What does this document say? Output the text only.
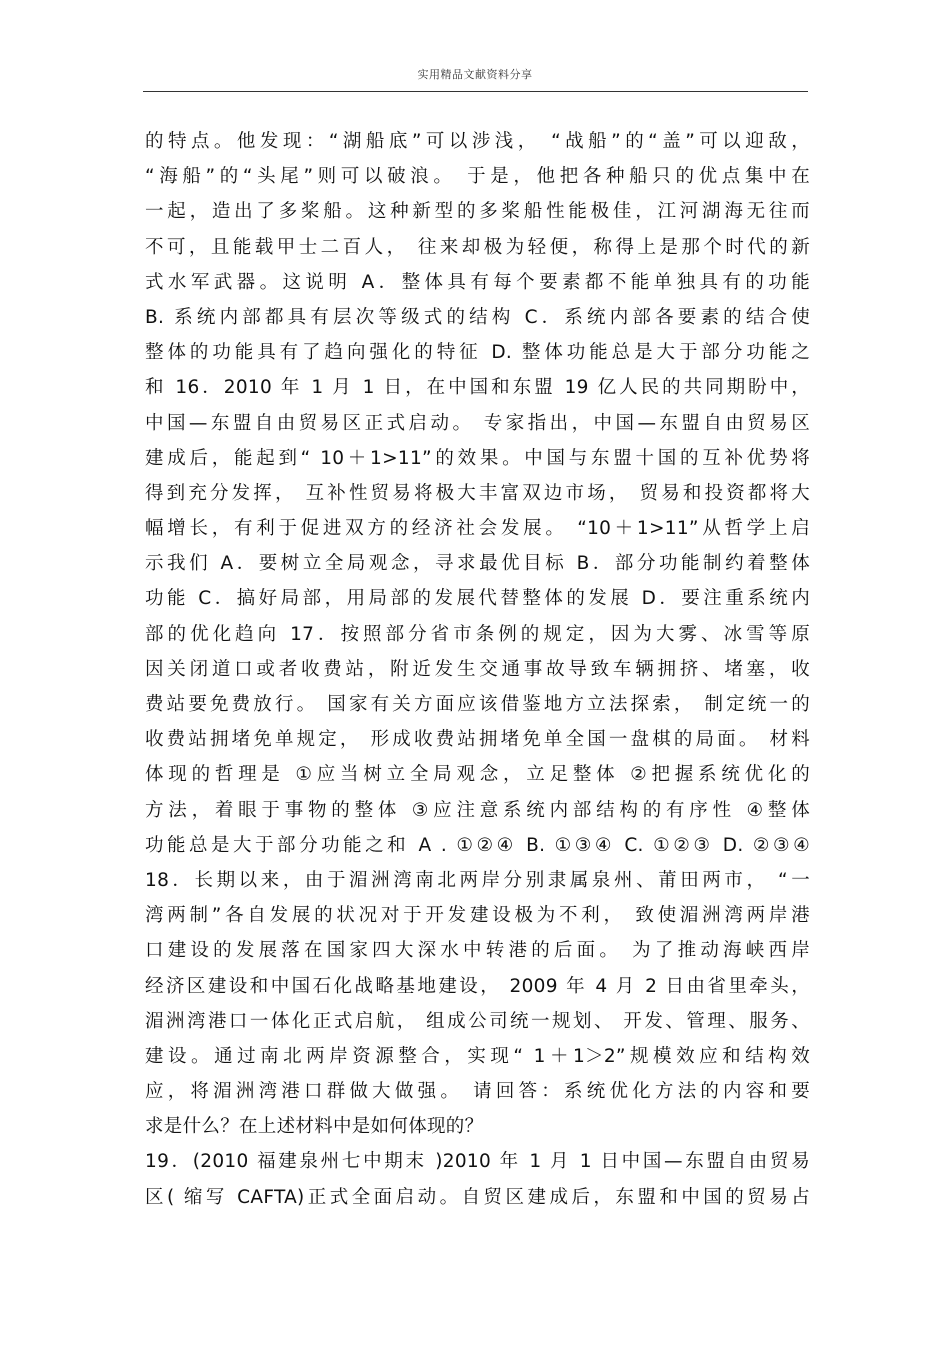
实用精品文献资料分享
的特点。他发现：“湖船底”可以涉浅， “战船”的“盖”可以迎敌，
“海船”的“头尾”则可以破浪。 于是，他把各种船只的优点集中在
一起，造出了多桨船。这种新型的多桨船性能极佳，江河湖海无往而
不可，且能载甲士二百人， 往来却极为轻便，称得上是那个时代的新
式水军武器。这说明 A．整体具有每个要素都不能单独具有的功能
B. 系统内部都具有层次等级式的结构 C．系统内部各要素的结合使
整体的功能具有了趋向强化的特征 D. 整体功能总是大于部分功能之
和 16．2010 年 1 月 1 日，在中国和东盟 19 亿人民的共同期盼中，
中国—东盟自由贸易区正式启动。 专家指出，中国—东盟自由贸易区
建成后，能起到“ 10＋1>11”的效果。中国与东盟十国的互补优势将
得到充分发挥， 互补性贸易将极大丰富双边市场， 贸易和投资都将大
幅增长，有利于促进双方的经济社会发展。 “10＋1>11”从哲学上启
示我们 A．要树立全局观念，寻求最优目标 B．部分功能制约着整体
功能 C．搞好局部，用局部的发展代替整体的发展 D．要注重系统内
部的优化趋向 17．按照部分省市条例的规定，因为大雾、冰雪等原
因关闭道口或者收费站，附近发生交通事故导致车辆拥挤、堵塞，收
费站要免费放行。 国家有关方面应该借鉴地方立法探索， 制定统一的
收费站拥堵免单规定， 形成收费站拥堵免单全国一盘棋的局面。 材料
体现的哲理是 ①应当树立全局观念，立足整体 ②把握系统优化的
方法，着眼于事物的整体 ③应注意系统内部结构的有序性 ④整体
功能总是大于部分功能之和 A . ①②④ B. ①③④ C. ①②③ D. ②③④
18．长期以来，由于湄洲湾南北两岸分别隶属泉州、莆田两市， “一
湾两制”各自发展的状况对于开发建设极为不利， 致使湄洲湾两岸港
口建设的发展落在国家四大深水中转港的后面。 为了推动海峡西岸
经济区建设和中国石化战略基地建设， 2009 年 4 月 2 日由省里牵头，
湄洲湾港口一体化正式启航， 组成公司统一规划、 开发、管理、服务、
建设。通过南北两岸资源整合，实现“ 1＋1＞2”规模效应和结构效
应，将湄洲湾港口群做大做强。 请回答：系统优化方法的内容和要
求是什么？在上述材料中是如何体现的？
19．(2010 福建泉州七中期末 )2010 年 1 月 1 日中国—东盟自由贸易
区( 缩写 CAFTA)正式全面启动。自贸区建成后，东盟和中国的贸易占
